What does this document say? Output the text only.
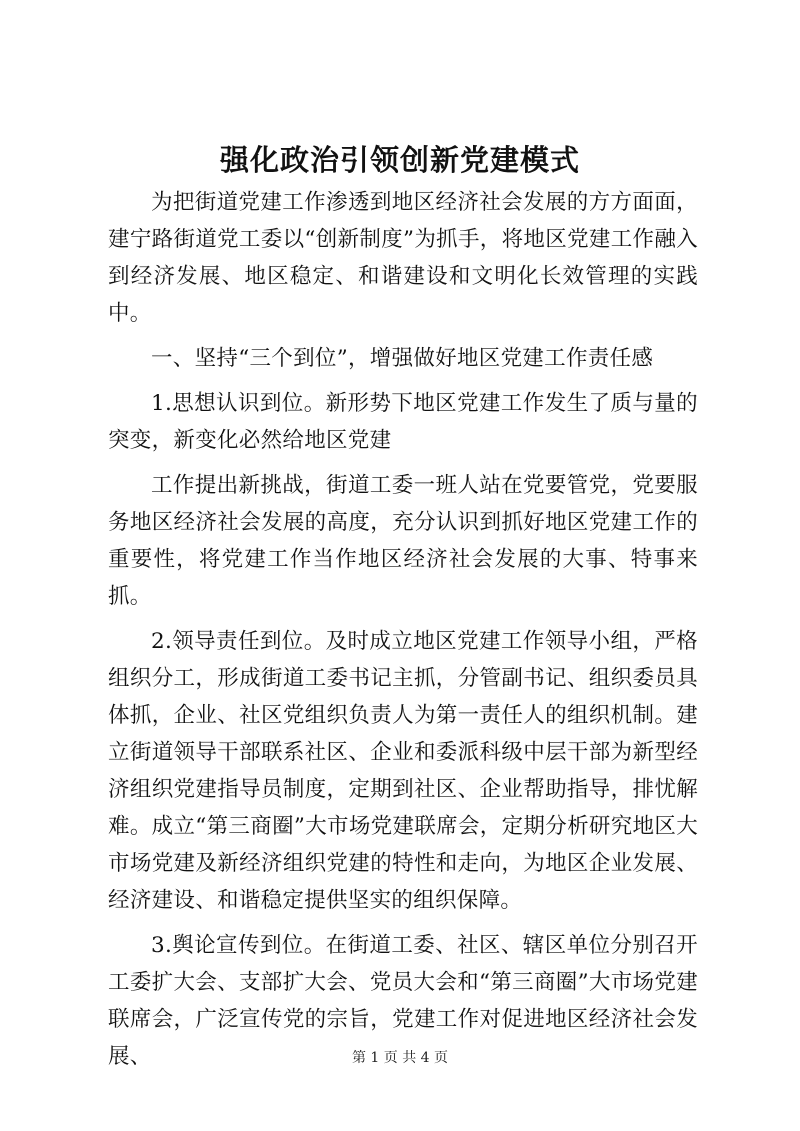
强化政治引领创新党建模式

为把街道党建工作渗透到地区经济社会发展的方方面面，建宁路街道党工委以“创新制度”为抓手，将地区党建工作融入到经济发展、地区稳定、和谐建设和文明化长效管理的实践中。

一、坚持“三个到位”，增强做好地区党建工作责任感

1.思想认识到位。新形势下地区党建工作发生了质与量的突变，新变化必然给地区党建

工作提出新挑战，街道工委一班人站在党要管党，党要服务地区经济社会发展的高度，充分认识到抓好地区党建工作的重要性，将党建工作当作地区经济社会发展的大事、特事来抓。

2.领导责任到位。及时成立地区党建工作领导小组，严格组织分工，形成街道工委书记主抓，分管副书记、组织委员具体抓，企业、社区党组织负责人为第一责任人的组织机制。建立街道领导干部联系社区、企业和委派科级中层干部为新型经济组织党建指导员制度，定期到社区、企业帮助指导，排忧解难。成立“第三商圈”大市场党建联席会，定期分析研究地区大市场党建及新经济组织党建的特性和走向，为地区企业发展、经济建设、和谐稳定提供坚实的组织保障。

3.舆论宣传到位。在街道工委、社区、辖区单位分别召开工委扩大会、支部扩大会、党员大会和“第三商圈”大市场党建联席会，广泛宣传党的宗旨，党建工作对促进地区经济社会发展、	第 1 页 共 4 页
